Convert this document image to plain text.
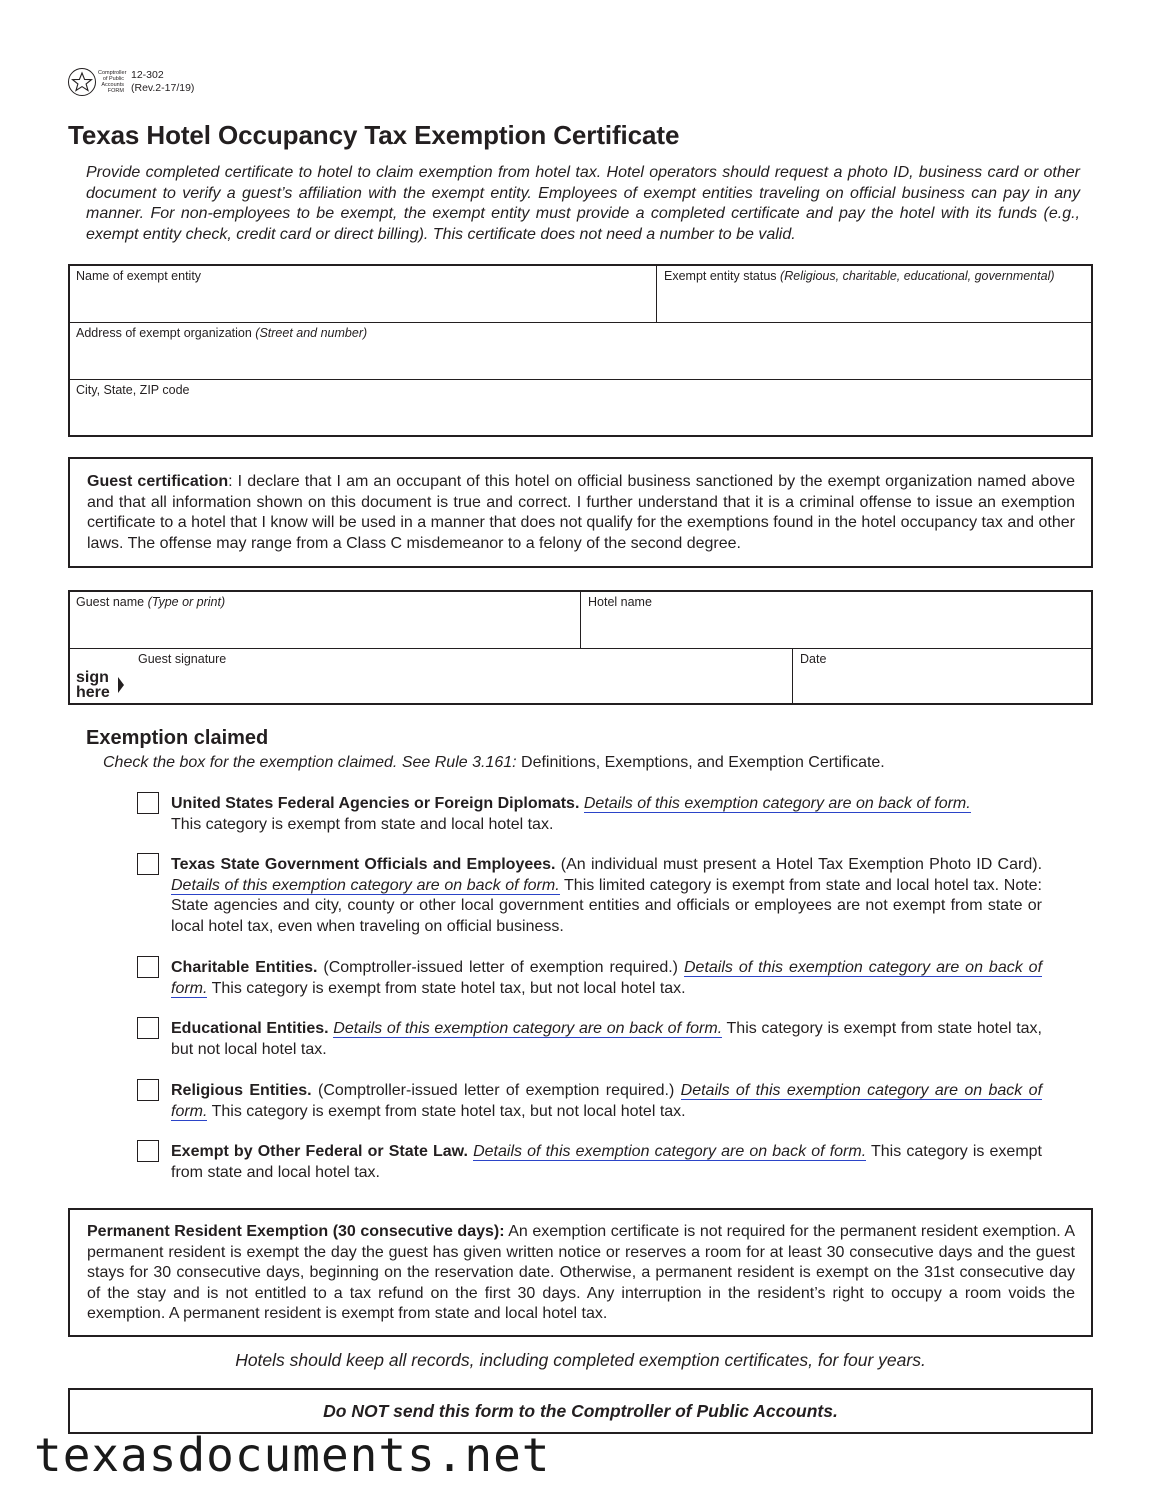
Comptroller
of Public
Accounts
FORM
12-302
(Rev.2-17/19)
Texas Hotel Occupancy Tax Exemption Certificate
Provide completed certificate to hotel to claim exemption from hotel tax. Hotel operators should request a photo ID, business card or other document to verify a guest’s affiliation with the exempt entity. Employees of exempt entities traveling on official business can pay in any manner. For non-employees to be exempt, the exempt entity must provide a completed certificate and pay the hotel with its funds (e.g., exempt entity check, credit card or direct billing). This certificate does not need a number to be valid.
Name of exempt entity	Exempt entity status (Religious, charitable, educational, governmental)
Address of exempt organization (Street and number)
City, State, ZIP code
Guest certification: I declare that I am an occupant of this hotel on official business sanctioned by the exempt organization named above and that all information shown on this document is true and correct. I further understand that it is a criminal offense to issue an exemption certificate to a hotel that I know will be used in a manner that does not qualify for the exemptions found in the hotel occupancy tax and other laws. The offense may range from a Class C misdemeanor to a felony of the second degree.
Guest name (Type or print)	Hotel name
Guest signature
sign
here
Date
Exemption claimed
Check the box for the exemption claimed. See Rule 3.161: Definitions, Exemptions, and Exemption Certificate.
United States Federal Agencies or Foreign Diplomats. Details of this exemption category are on back of form.
This category is exempt from state and local hotel tax.
Texas State Government Officials and Employees. (An individual must present a Hotel Tax Exemption Photo ID Card). Details of this exemption category are on back of form. This limited category is exempt from state and local hotel tax. Note: State agencies and city, county or other local government entities and officials or employees are not exempt from state or local hotel tax, even when traveling on official business.
Charitable Entities. (Comptroller-issued letter of exemption required.) Details of this exemption category are on back of form. This category is exempt from state hotel tax, but not local hotel tax.
Educational Entities. Details of this exemption category are on back of form. This category is exempt from state hotel tax, but not local hotel tax.
Religious Entities. (Comptroller-issued letter of exemption required.) Details of this exemption category are on back of form. This category is exempt from state hotel tax, but not local hotel tax.
Exempt by Other Federal or State Law. Details of this exemption category are on back of form. This category is exempt from state and local hotel tax.
Permanent Resident Exemption (30 consecutive days): An exemption certificate is not required for the permanent resident exemption. A permanent resident is exempt the day the guest has given written notice or reserves a room for at least 30 consecutive days and the guest stays for 30 consecutive days, beginning on the reservation date. Otherwise, a permanent resident is exempt on the 31st consecutive day of the stay and is not entitled to a tax refund on the first 30 days. Any interruption in the resident’s right to occupy a room voids the exemption. A permanent resident is exempt from state and local hotel tax.
Hotels should keep all records, including completed exemption certificates, for four years.
Do NOT send this form to the Comptroller of Public Accounts.
texasdocuments.net
